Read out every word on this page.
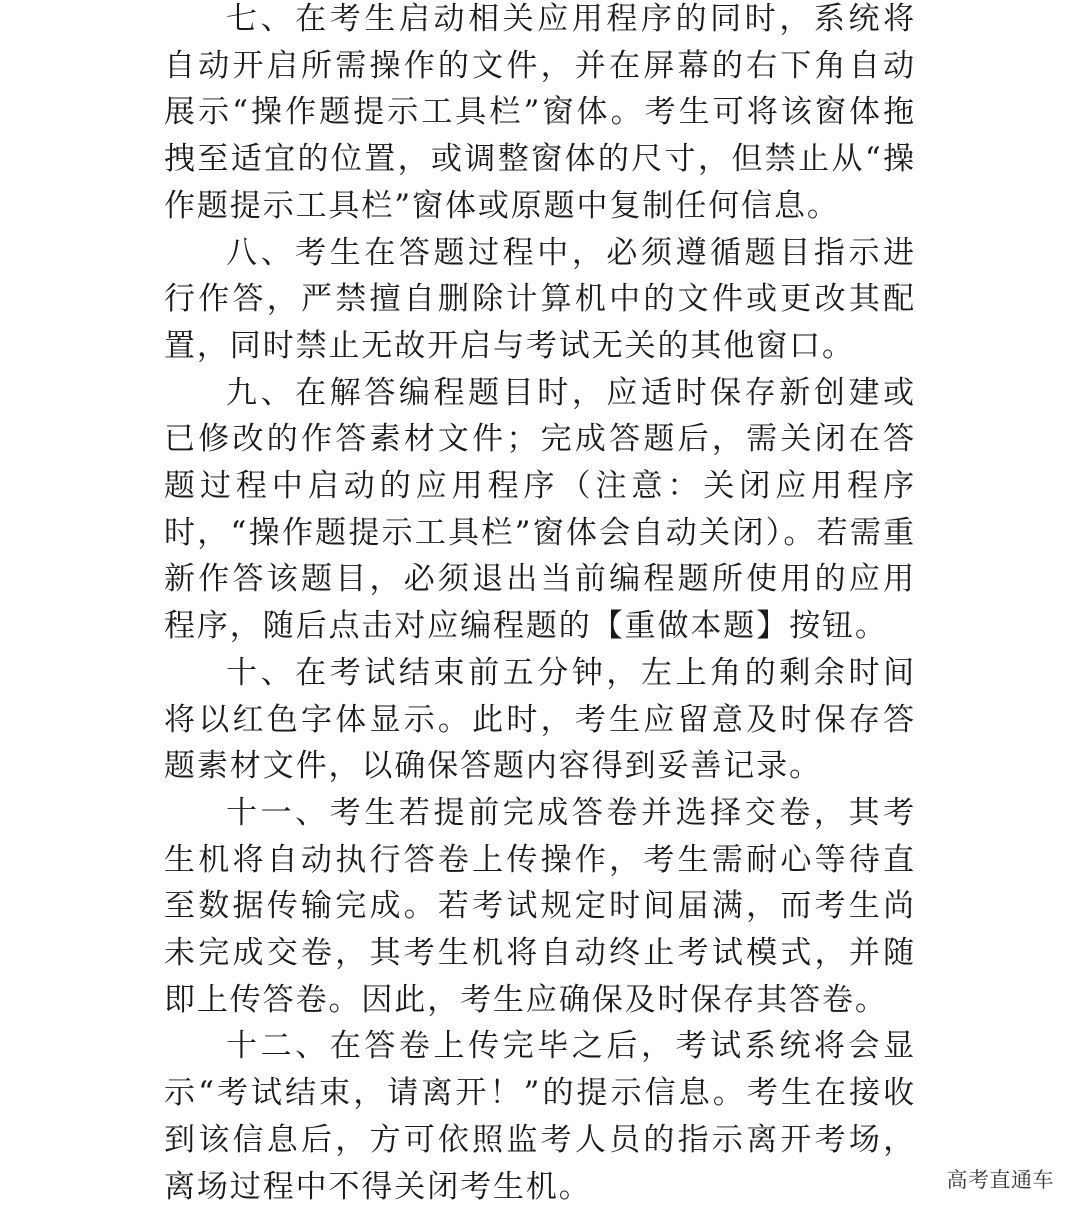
七、在考生启动相关应用程序的同时，系统将自动开启所需操作的文件，并在屏幕的右下角自动展示“操作题提示工具栏”窗体。考生可将该窗体拖拽至适宜的位置，或调整窗体的尺寸，但禁止从“操作题提示工具栏”窗体或原题中复制任何信息。

八、考生在答题过程中，必须遵循题目指示进行作答，严禁擅自删除计算机中的文件或更改其配置，同时禁止无故开启与考试无关的其他窗口。

九、在解答编程题目时，应适时保存新创建或已修改的作答素材文件；完成答题后，需关闭在答题过程中启动的应用程序（注意：关闭应用程序时，“操作题提示工具栏”窗体会自动关闭）。若需重新作答该题目，必须退出当前编程题所使用的应用程序，随后点击对应编程题的【重做本题】按钮。

十、在考试结束前五分钟，左上角的剩余时间将以红色字体显示。此时，考生应留意及时保存答题素材文件，以确保答题内容得到妥善记录。

十一、考生若提前完成答卷并选择交卷，其考生机将自动执行答卷上传操作，考生需耐心等待直至数据传输完成。若考试规定时间届满，而考生尚未完成交卷，其考生机将自动终止考试模式，并随即上传答卷。因此，考生应确保及时保存其答卷。

十二、在答卷上传完毕之后，考试系统将会显示“考试结束，请离开！”的提示信息。考生在接收到该信息后，方可依照监考人员的指示离开考场，离场过程中不得关闭考生机。	高考直通车
